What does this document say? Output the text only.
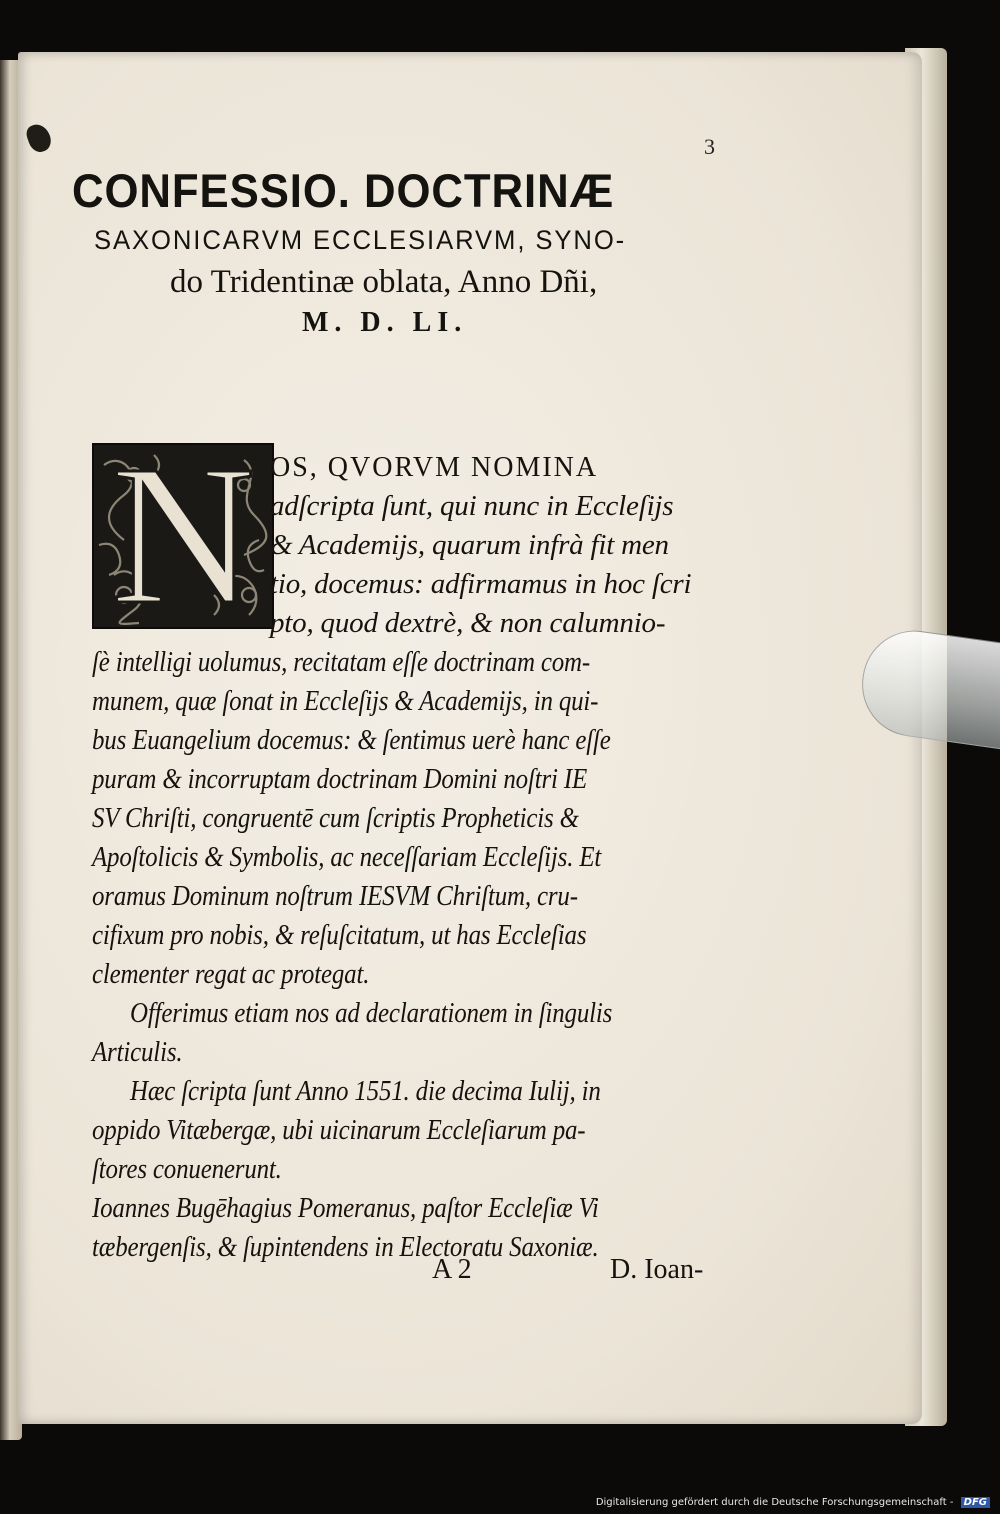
3
CONFESSIO. DOCTRINÆ
SAXONICARVM ECCLESIARVM, SYNO-
do Tridentinæ oblata, Anno Dñi,
M. D. LI.
N OS, QVORVM NOMINA
adſcripta ſunt, qui nunc in Eccleſijs
& Academijs, quarum infrà fit men
tio, docemus: adfirmamus in hoc ſcri
pto, quod dextrè, & non calumnio-
ſè intelligi uolumus, recitatam eſſe doctrinam com-
munem, quæ ſonat in Eccleſijs & Academijs, in qui-
bus Euangelium docemus: & ſentimus uerè hanc eſſe
puram & incorruptam doctrinam Domini noſtri IE
SV Chriſti, congruentē cum ſcriptis Propheticis &
Apoſtolicis & Symbolis, ac neceſſariam Eccleſijs. Et
oramus Dominum noſtrum IESVM Chriſtum, cru-
cifixum pro nobis, & reſuſcitatum, ut has Eccleſias
clementer regat ac protegat.
Offerimus etiam nos ad declarationem in ſingulis
Articulis.
Hæc ſcripta ſunt Anno 1551. die decima Iulij, in
oppido Vitæbergæ, ubi uicinarum Eccleſiarum pa-
ſtores conuenerunt.
Ioannes Bugēhagius Pomeranus, paſtor Eccleſiæ Vi
tæbergenſis, & ſupintendens in Electoratu Saxoniæ.
A 2	D. Ioan-
Digitalisierung gefördert durch die Deutsche Forschungsgemeinschaft - DFG
